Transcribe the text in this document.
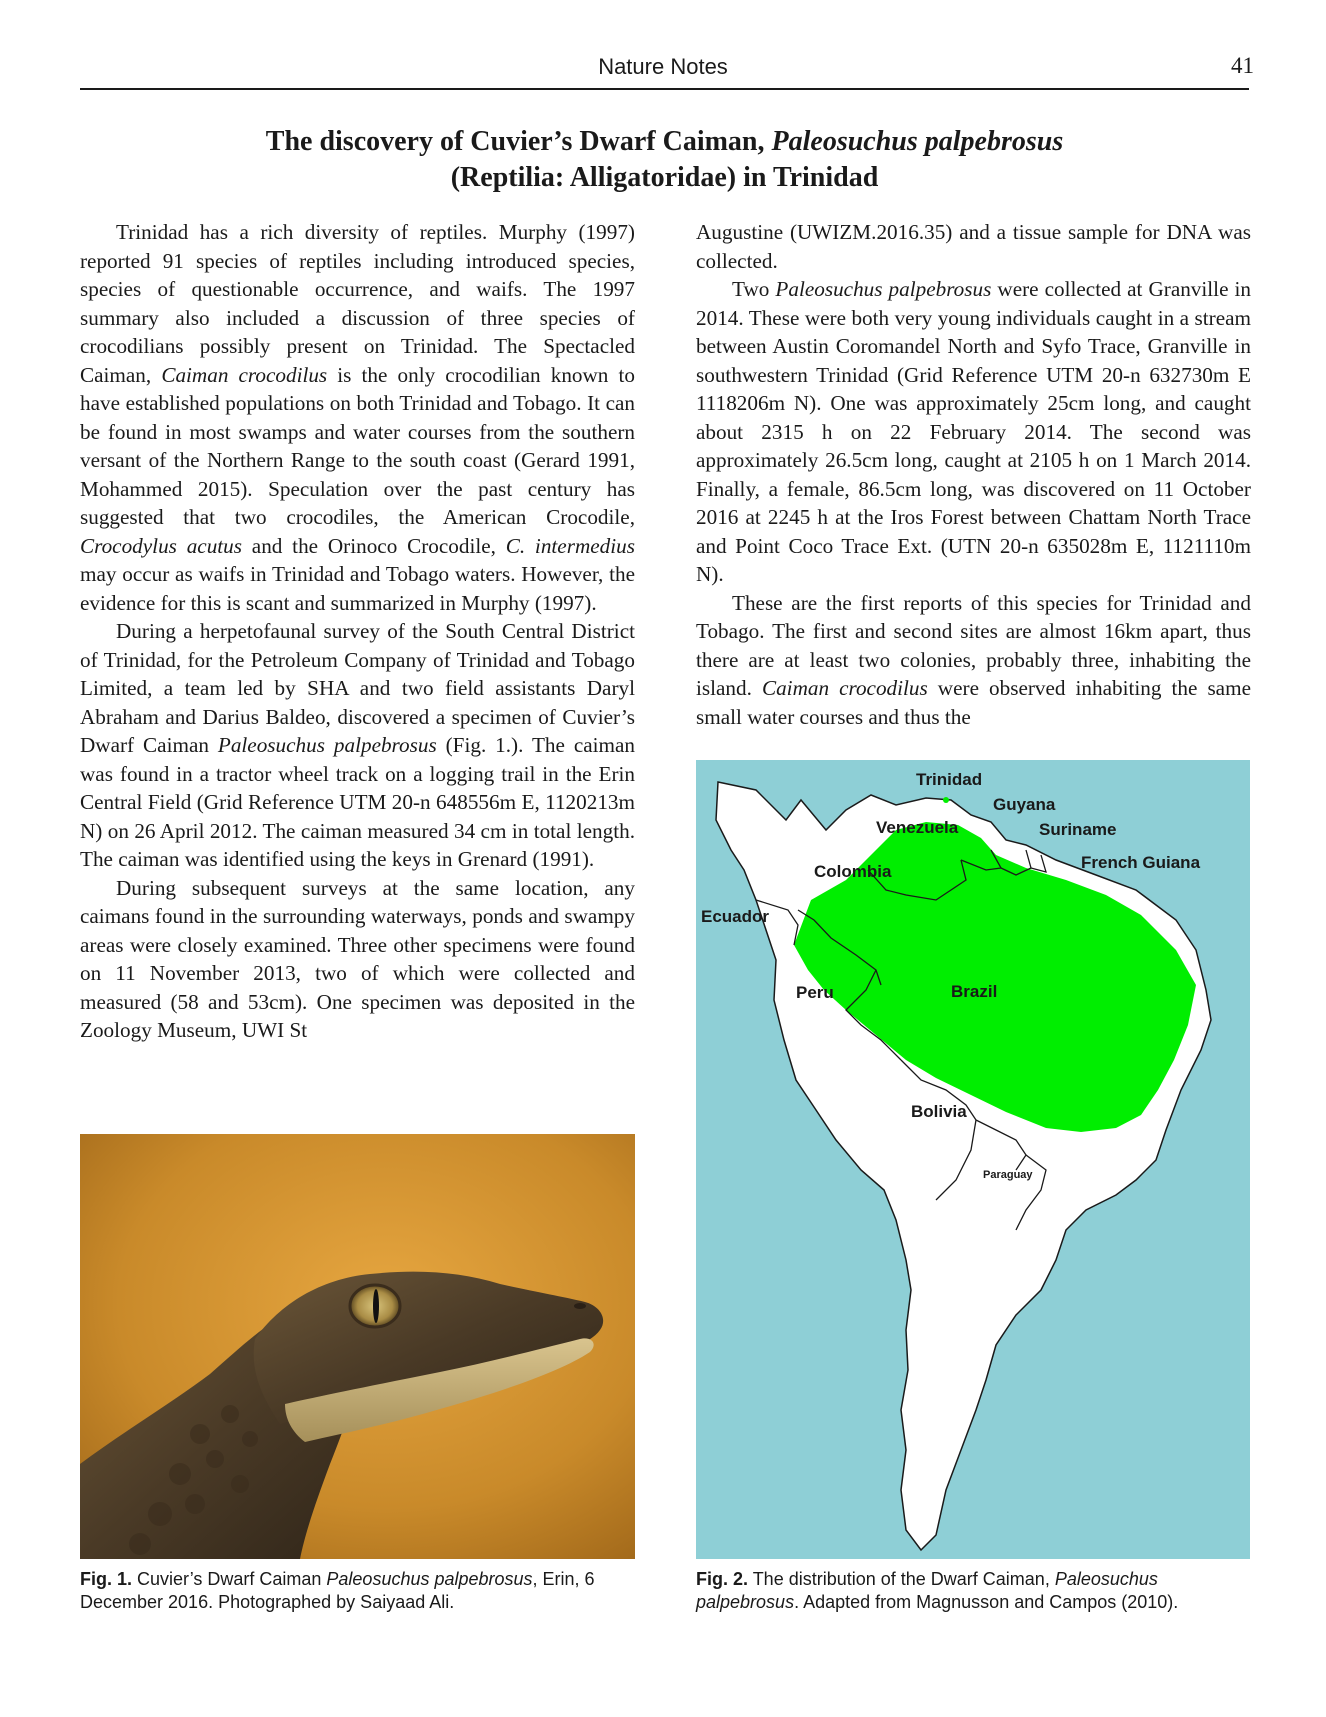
Nature Notes	41
The discovery of Cuvier’s Dwarf Caiman, Paleosuchus palpebrosus
(Reptilia: Alligatoridae) in Trinidad

Trinidad has a rich diversity of reptiles. Murphy (1997) reported 91 species of reptiles including introduced species, species of questionable occurrence, and waifs. The 1997 summary also included a discussion of three species of crocodilians possibly present on Trinidad. The Spectacled Caiman, Caiman crocodilus is the only crocodilian known to have established populations on both Trinidad and Tobago. It can be found in most swamps and water courses from the southern versant of the Northern Range to the south coast (Gerard 1991, Mohammed 2015). Speculation over the past century has suggested that two crocodiles, the American Crocodile, Crocodylus acutus and the Orinoco Crocodile, C. intermedius may occur as waifs in Trinidad and Tobago waters. However, the evidence for this is scant and summarized in Murphy (1997).

During a herpetofaunal survey of the South Central District of Trinidad, for the Petroleum Company of Trinidad and Tobago Limited, a team led by SHA and two field assistants Daryl Abraham and Darius Baldeo, discovered a specimen of Cuvier’s Dwarf Caiman Paleosuchus palpebrosus (Fig. 1.). The caiman was found in a tractor wheel track on a logging trail in the Erin Central Field (Grid Reference UTM 20-n 648556m E, 1120213m N) on 26 April 2012. The caiman measured 34 cm in total length. The caiman was identified using the keys in Grenard (1991).

During subsequent surveys at the same location, any caimans found in the surrounding waterways, ponds and swampy areas were closely examined. Three other specimens were found on 11 November 2013, two of which were collected and measured (58 and 53cm). One specimen was deposited in the Zoology Museum, UWI St

Augustine (UWIZM.2016.35) and a tissue sample for DNA was collected.

Two Paleosuchus palpebrosus were collected at Granville in 2014. These were both very young individuals caught in a stream between Austin Coromandel North and Syfo Trace, Granville in southwestern Trinidad (Grid Reference UTM 20-n 632730m E 1118206m N). One was approximately 25cm long, and caught about 2315 h on 22 February 2014. The second was approximately 26.5cm long, caught at 2105 h on 1 March 2014. Finally, a female, 86.5cm long, was discovered on 11 October 2016 at 2245 h at the Iros Forest between Chattam North Trace and Point Coco Trace Ext. (UTN 20-n 635028m E, 1121110m N).

These are the first reports of this species for Trinidad and Tobago. The first and second sites are almost 16km apart, thus there are at least two colonies, probably three, inhabiting the island. Caiman crocodilus were observed inhabiting the same small water courses and thus the

Trinidad
Guyana
Suriname
French Guiana
Venezuela
Colombia
Ecuador
Peru	Brazil
Bolivia
Paraguay
Fig. 1. Cuvier’s Dwarf Caiman Paleosuchus palpebrosus, Erin, 6 December 2016. Photographed by Saiyaad Ali.
Fig. 2. The distribution of the Dwarf Caiman, Paleosuchus palpebrosus. Adapted from Magnusson and Campos (2010).
